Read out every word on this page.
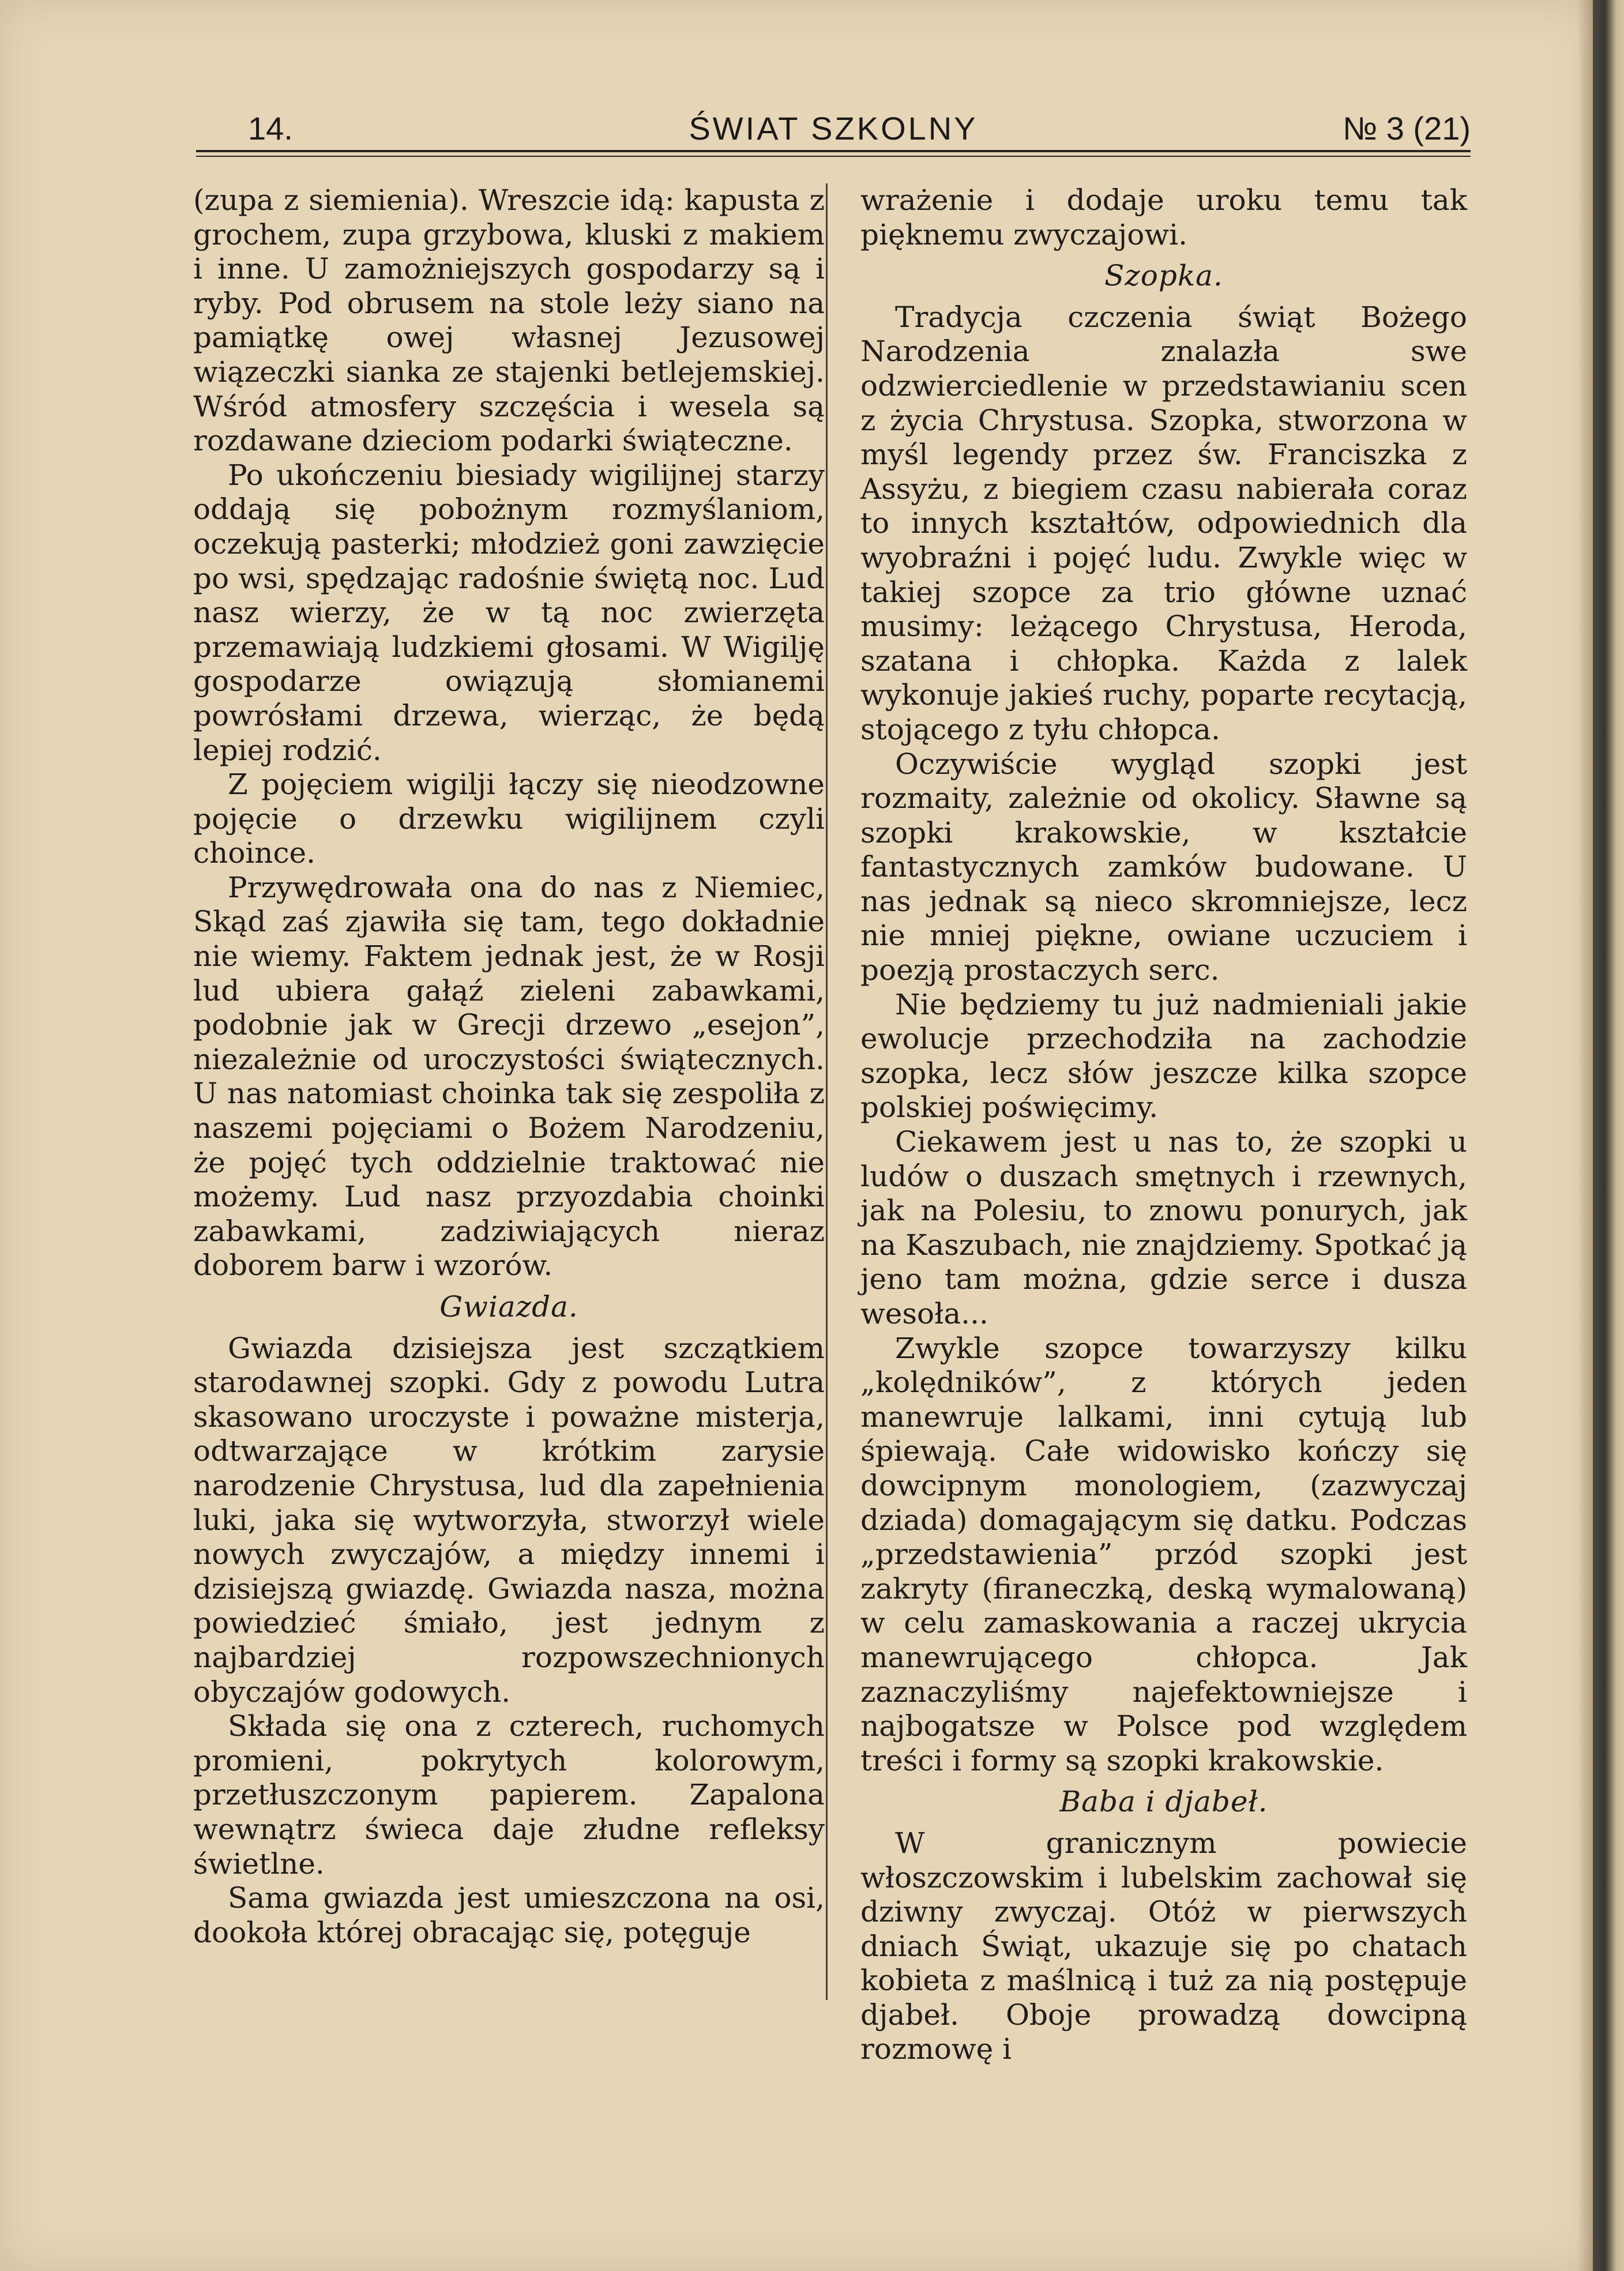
14.	ŚWIAT SZKOLNY	№ 3 (21)

(zupa z siemienia). Wreszcie idą: kapusta z grochem, zupa grzybowa, kluski z makiem i inne. U zamożniejszych gospodarzy są i ryby. Pod obrusem na stole leży siano na pamiątkę owej własnej Jezusowej wiązeczki sianka ze stajenki betlejemskiej. Wśród atmosfery szczęścia i wesela są rozdawane dzieciom podarki świąteczne.

Po ukończeniu biesiady wigilijnej starzy oddają się pobożnym rozmyślaniom, oczekują pasterki; młodzież goni zawzięcie po wsi, spędzając radośnie świętą noc. Lud nasz wierzy, że w tą noc zwierzęta przemawiają ludzkiemi głosami. W Wigilję gospodarze owiązują słomianemi powrósłami drzewa, wierząc, że będą lepiej rodzić.

Z pojęciem wigilji łączy się nieodzowne pojęcie o drzewku wigilijnem czyli choince.

Przywędrowała ona do nas z Niemiec, Skąd zaś zjawiła się tam, tego dokładnie nie wiemy. Faktem jednak jest, że w Rosji lud ubiera gałąź zieleni zabawkami, podobnie jak w Grecji drzewo „esejon”, niezależnie od uroczystości świątecznych. U nas natomiast choinka tak się zespoliła z naszemi pojęciami o Bożem Narodzeniu, że pojęć tych oddzielnie traktować nie możemy. Lud nasz przyozdabia choinki zabawkami, zadziwiających nieraz doborem barw i wzorów.

Gwiazda.

Gwiazda dzisiejsza jest szczątkiem starodawnej szopki. Gdy z powodu Lutra skasowano uroczyste i poważne misterja, odtwarzające w krótkim zarysie narodzenie Chrystusa, lud dla zapełnienia luki, jaka się wytworzyła, stworzył wiele nowych zwyczajów, a między innemi i dzisiejszą gwiazdę. Gwiazda nasza, można powiedzieć śmiało, jest jednym z najbardziej rozpowszechnionych obyczajów godowych.

Składa się ona z czterech, ruchomych promieni, pokrytych kolorowym, przetłuszczonym papierem. Zapalona wewnątrz świeca daje złudne refleksy świetlne.

Sama gwiazda jest umieszczona na osi, dookoła której obracając się, potęguje

wrażenie i dodaje uroku temu tak pięknemu zwyczajowi.

Szopka.

Tradycja czczenia świąt Bożego Narodzenia znalazła swe odzwierciedlenie w przedstawianiu scen z życia Chrystusa. Szopka, stworzona w myśl legendy przez św. Franciszka z Assyżu, z biegiem czasu nabierała coraz to innych kształtów, odpowiednich dla wyobraźni i pojęć ludu. Zwykle więc w takiej szopce za trio główne uznać musimy: leżącego Chrystusa, Heroda, szatana i chłopka. Każda z lalek wykonuje jakieś ruchy, poparte recytacją, stojącego z tyłu chłopca.

Oczywiście wygląd szopki jest rozmaity, zależnie od okolicy. Sławne są szopki krakowskie, w kształcie fantastycznych zamków budowane. U nas jednak są nieco skromniejsze, lecz nie mniej piękne, owiane uczuciem i poezją prostaczych serc.

Nie będziemy tu już nadmieniali jakie ewolucje przechodziła na zachodzie szopka, lecz słów jeszcze kilka szopce polskiej poświęcimy.

Ciekawem jest u nas to, że szopki u ludów o duszach smętnych i rzewnych, jak na Polesiu, to znowu ponurych, jak na Kaszubach, nie znajdziemy. Spotkać ją jeno tam można, gdzie serce i dusza wesoła...

Zwykle szopce towarzyszy kilku „kolędników”, z których jeden manewruje lalkami, inni cytują lub śpiewają. Całe widowisko kończy się dowcipnym monologiem, (zazwyczaj dziada) domagającym się datku. Podczas „przedstawienia” przód szopki jest zakryty (firaneczką, deską wymalowaną) w celu zamaskowania a raczej ukrycia manewrującego chłopca. Jak zaznaczyliśmy najefektowniejsze i najbogatsze w Polsce pod względem treści i formy są szopki krakowskie.

Baba i djabeł.

W granicznym powiecie włoszczowskim i lubelskim zachował się dziwny zwyczaj. Otóż w pierwszych dniach Świąt, ukazuje się po chatach kobieta z maślnicą i tuż za nią postępuje djabeł. Oboje prowadzą dowcipną rozmowę i
